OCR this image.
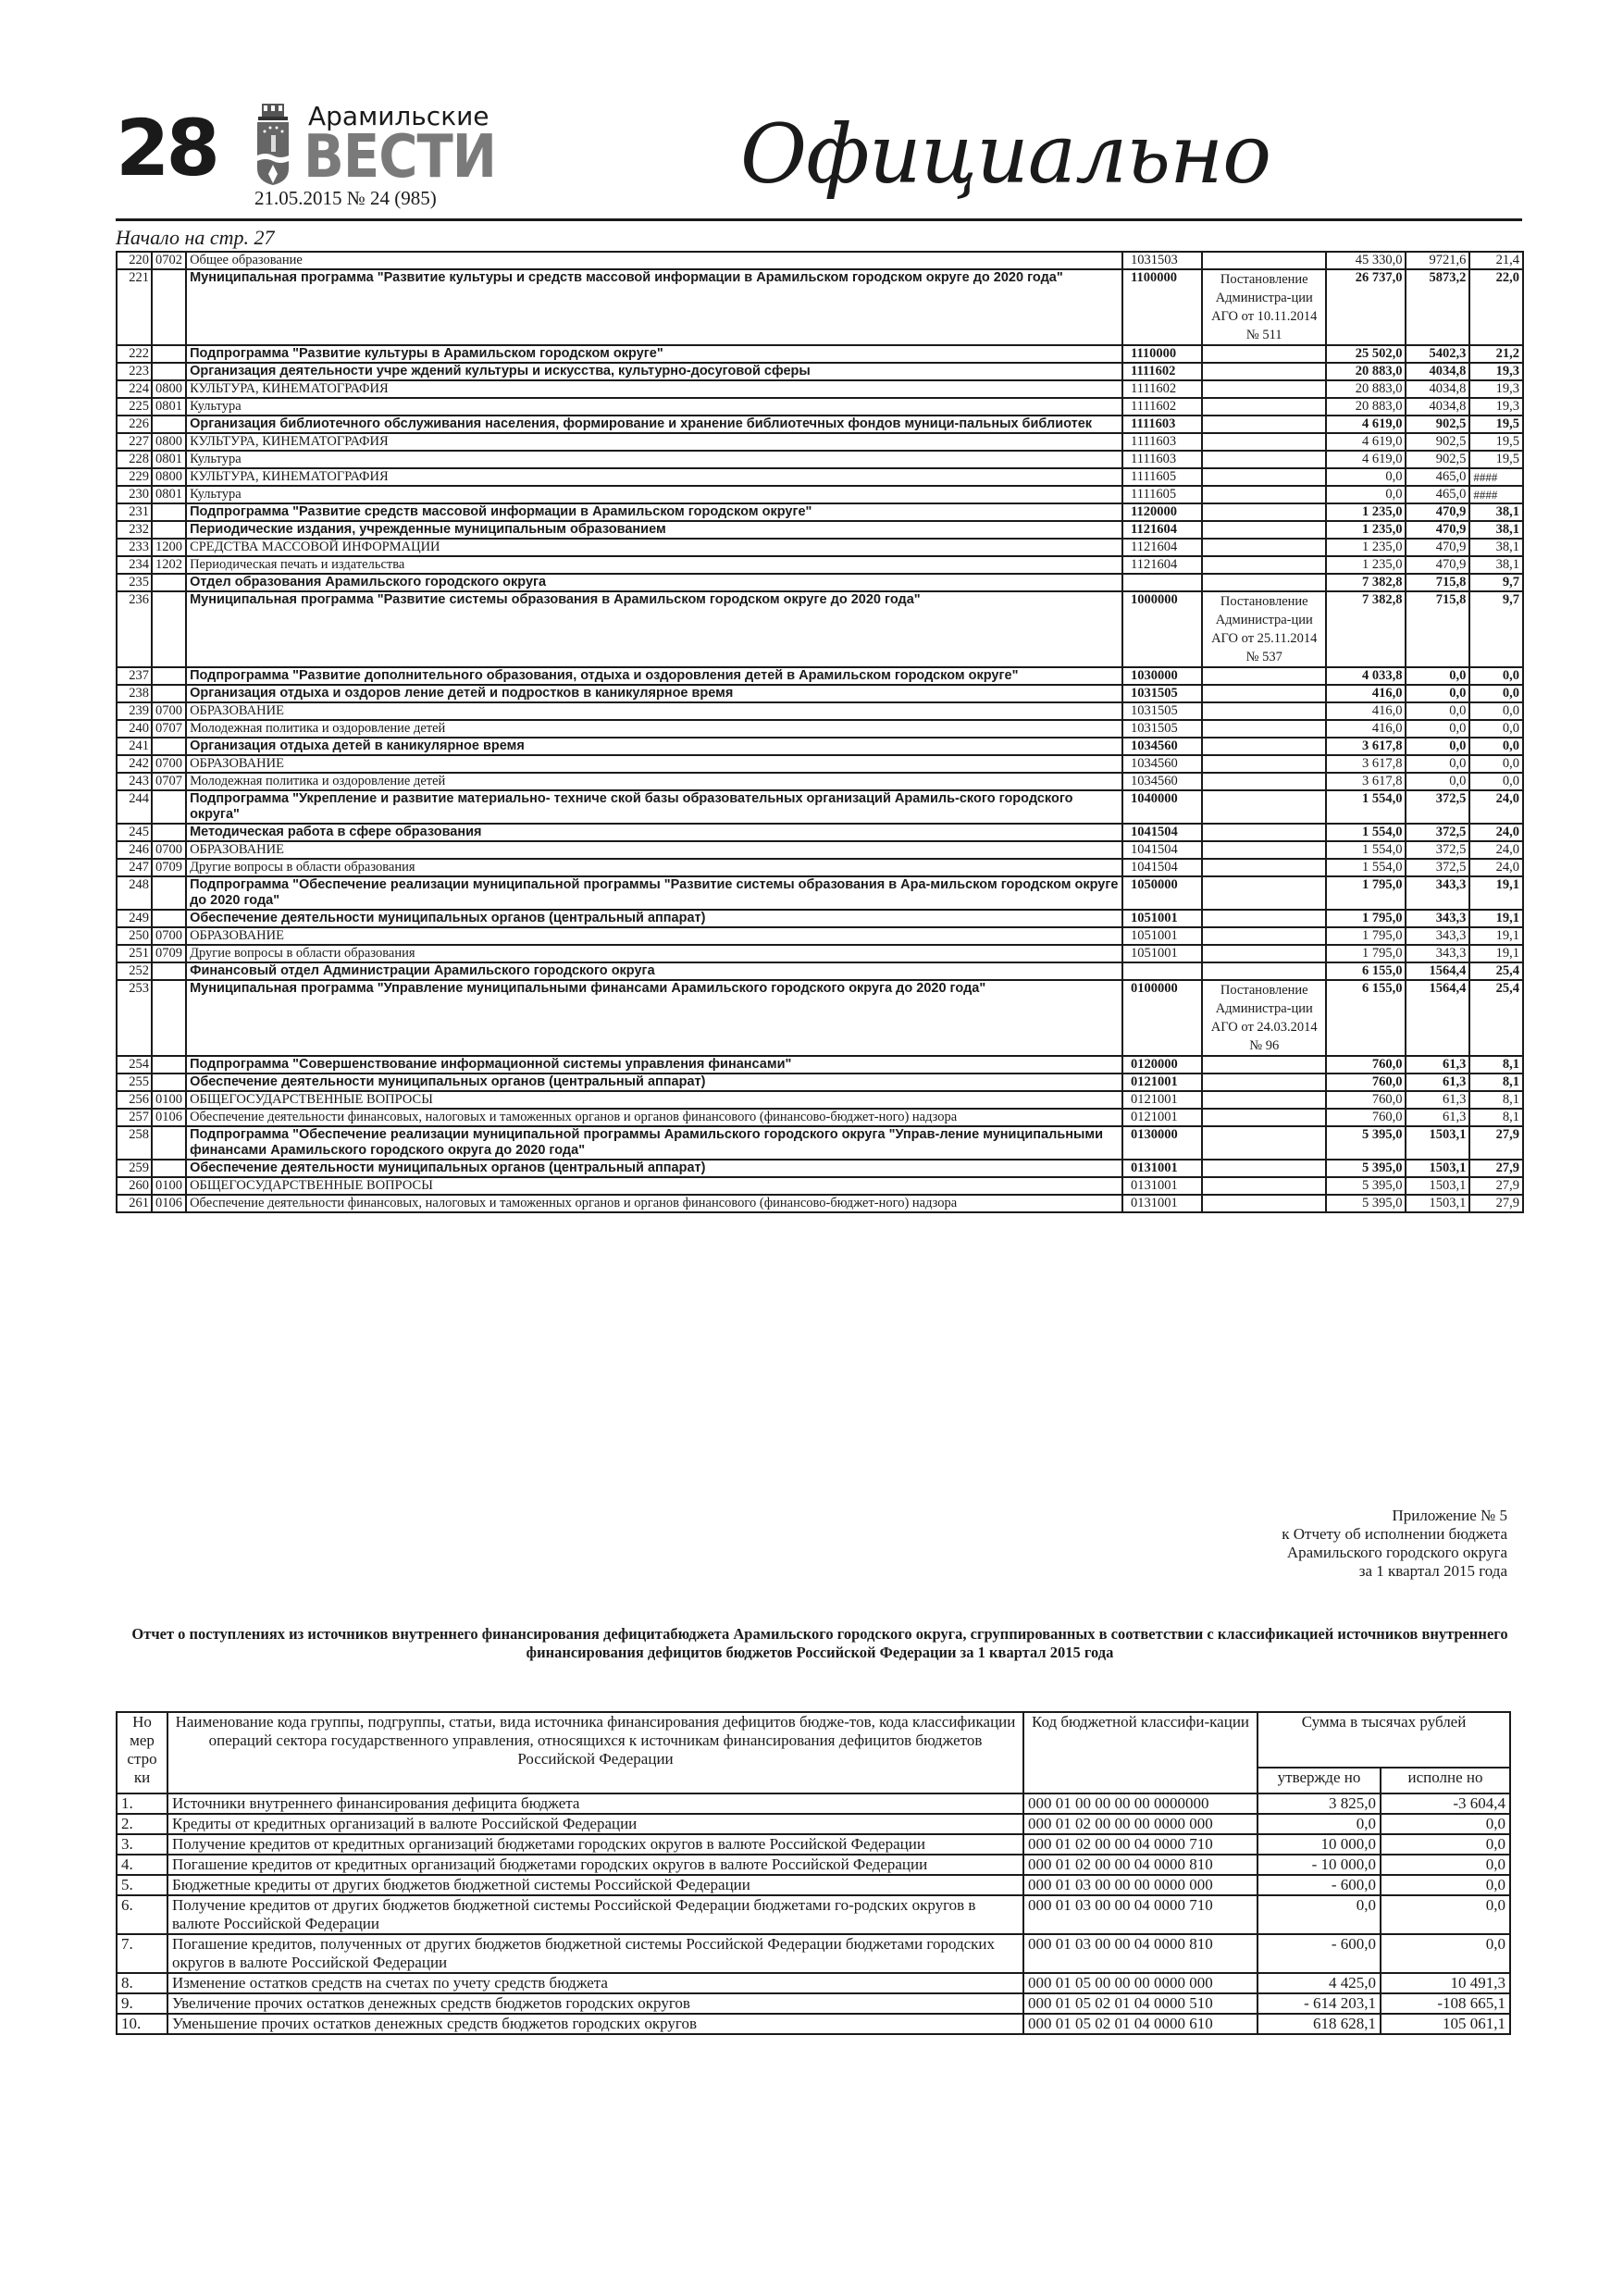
28	Арамильские
ВЕСТИ
21.05.2015 № 24 (985)	Официально
Начало на стр. 27
220	0702	Общее образование	1031503		45 330,0	9721,6	21,4
221		Муниципальная программа "Развитие культуры и средств массовой информации в Арамильском городском округе до 2020 года"	1100000	Постановление Администра-ции АГО от 10.11.2014 № 511	26 737,0	5873,2	22,0
222		Подпрограмма "Развитие культуры в Арамильском городском округе"	1110000		25 502,0	5402,3	21,2
223		Организация деятельности учре ждений культуры и искусства, культурно-досуговой сферы	1111602		20 883,0	4034,8	19,3
224	0800	КУЛЬТУРА, КИНЕМАТОГРАФИЯ	1111602		20 883,0	4034,8	19,3
225	0801	Культура	1111602		20 883,0	4034,8	19,3
226		Организация библиотечного обслуживания населения, формирование и хранение библиотечных фондов муници-пальных библиотек	1111603		4 619,0	902,5	19,5
227	0800	КУЛЬТУРА, КИНЕМАТОГРАФИЯ	1111603		4 619,0	902,5	19,5
228	0801	Культура	1111603		4 619,0	902,5	19,5
229	0800	КУЛЬТУРА, КИНЕМАТОГРАФИЯ	1111605		0,0	465,0	####
230	0801	Культура	1111605		0,0	465,0	####
231		Подпрограмма "Развитие средств массовой информации в Арамильском городском округе"	1120000		1 235,0	470,9	38,1
232		Периодические издания, учрежденные муниципальным образованием	1121604		1 235,0	470,9	38,1
233	1200	СРЕДСТВА МАССОВОЙ ИНФОРМАЦИИ	1121604		1 235,0	470,9	38,1
234	1202	Периодическая печать и издательства	1121604		1 235,0	470,9	38,1
235		Отдел образования Арамильского городского округа			7 382,8	715,8	9,7
236		Муниципальная программа "Развитие системы образования в Арамильском городском округе до 2020 года"	1000000	Постановление Администра-ции АГО от 25.11.2014 № 537	7 382,8	715,8	9,7
237		Подпрограмма "Развитие дополнительного образования, отдыха и оздоровления детей в Арамильском городском округе"	1030000		4 033,8	0,0	0,0
238		Организация отдыха и оздоров ление детей и подростков в каникулярное время	1031505		416,0	0,0	0,0
239	0700	ОБРАЗОВАНИЕ	1031505		416,0	0,0	0,0
240	0707	Молодежная политика и оздоровление детей	1031505		416,0	0,0	0,0
241		Организация отдыха детей в каникулярное время	1034560		3 617,8	0,0	0,0
242	0700	ОБРАЗОВАНИЕ	1034560		3 617,8	0,0	0,0
243	0707	Молодежная политика и оздоровление детей	1034560		3 617,8	0,0	0,0
244		Подпрограмма "Укрепление и развитие материально- техниче ской базы образовательных организаций Арамиль-ского городского округа"	1040000		1 554,0	372,5	24,0
245		Методическая работа в сфере образования	1041504		1 554,0	372,5	24,0
246	0700	ОБРАЗОВАНИЕ	1041504		1 554,0	372,5	24,0
247	0709	Другие вопросы в области образования	1041504		1 554,0	372,5	24,0
248		Подпрограмма "Обеспечение реализации муниципальной программы "Развитие системы образования в Ара-мильском городском округе до 2020 года"	1050000		1 795,0	343,3	19,1
249		Обеспечение деятельности муниципальных органов (центральный аппарат)	1051001		1 795,0	343,3	19,1
250	0700	ОБРАЗОВАНИЕ	1051001		1 795,0	343,3	19,1
251	0709	Другие вопросы в области образования	1051001		1 795,0	343,3	19,1
252		Финансовый отдел Администрации Арамильского городского округа			6 155,0	1564,4	25,4
253		Муниципальная программа "Управление муниципальными финансами Арамильского городского округа до 2020 года"	0100000	Постановление Администра-ции АГО от 24.03.2014 № 96	6 155,0	1564,4	25,4
254		Подпрограмма "Совершенствование информационной системы управления финансами"	0120000		760,0	61,3	8,1
255		Обеспечение деятельности муниципальных органов (центральный аппарат)	0121001		760,0	61,3	8,1
256	0100	ОБЩЕГОСУДАРСТВЕННЫЕ ВОПРОСЫ	0121001		760,0	61,3	8,1
257	0106	Обеспечение деятельности финансовых, налоговых и таможенных органов и органов финансового (финансово-бюджет-ного) надзора	0121001		760,0	61,3	8,1
258		Подпрограмма "Обеспечение реализации муниципальной программы Арамильского городского округа "Управ-ление муниципальными финансами Арамильского городского округа до 2020 года"	0130000		5 395,0	1503,1	27,9
259		Обеспечение деятельности муниципальных органов (центральный аппарат)	0131001		5 395,0	1503,1	27,9
260	0100	ОБЩЕГОСУДАРСТВЕННЫЕ ВОПРОСЫ	0131001		5 395,0	1503,1	27,9
261	0106	Обеспечение деятельности финансовых, налоговых и таможенных органов и органов финансового (финансово-бюджет-ного) надзора	0131001		5 395,0	1503,1	27,9
Приложение № 5
к Отчету об исполнении бюджета
Арамильского городского округа
за 1 квартал 2015 года
Отчет о поступлениях из источников внутреннего финансирования дефицитабюджета Арамильского городского округа, сгруппированных в соответствии с классификацией источников внутреннего финансирования дефицитов бюджетов Российской Федерации за 1 квартал 2015 года
Но мер стро ки	Наименование кода группы, подгруппы, статьи, вида источника финансирования дефицитов бюдже-тов, кода классификации операций сектора государственного управления, относящихся к источникам финансирования дефицитов бюджетов Российской Федерации	Код бюджетной классифи-кации	Сумма в тысячах рублей	
			утвержде но	исполне но
1.	Источники внутреннего финансирования дефицита бюджета	000 01 00 00 00 00 0000000	3 825,0	-3 604,4
2.	Кредиты от кредитных организаций в валюте Российской Федерации	000 01 02 00 00 00 0000 000	0,0	0,0
3.	Получение кредитов от кредитных организаций бюджетами городских округов в валюте Российской Федерации	000 01 02 00 00 04 0000 710	10 000,0	0,0
4.	Погашение кредитов от кредитных организаций бюджетами городских округов в валюте Российской Федерации	000 01 02 00 00 04 0000 810	- 10 000,0	0,0
5.	Бюджетные кредиты от других бюджетов бюджетной системы Российской Федерации	000 01 03 00 00 00 0000 000	- 600,0	0,0
6.	Получение кредитов от других бюджетов бюджетной системы Российской Федерации бюджетами го-родских округов в валюте Российской Федерации	000 01 03 00 00 04 0000 710	0,0	0,0
7.	Погашение кредитов, полученных от других бюджетов бюджетной системы Российской Федерации бюджетами городских округов в валюте Российской Федерации	000 01 03 00 00 04 0000 810	- 600,0	0,0
8.	Изменение остатков средств на счетах по учету средств бюджета	000 01 05 00 00 00 0000 000	4 425,0	10 491,3
9.	Увеличение прочих остатков денежных средств бюджетов городских округов	000 01 05 02 01 04 0000 510	- 614 203,1	-108 665,1
10.	Уменьшение прочих остатков денежных средств бюджетов городских округов	000 01 05 02 01 04 0000 610	618 628,1	105 061,1
